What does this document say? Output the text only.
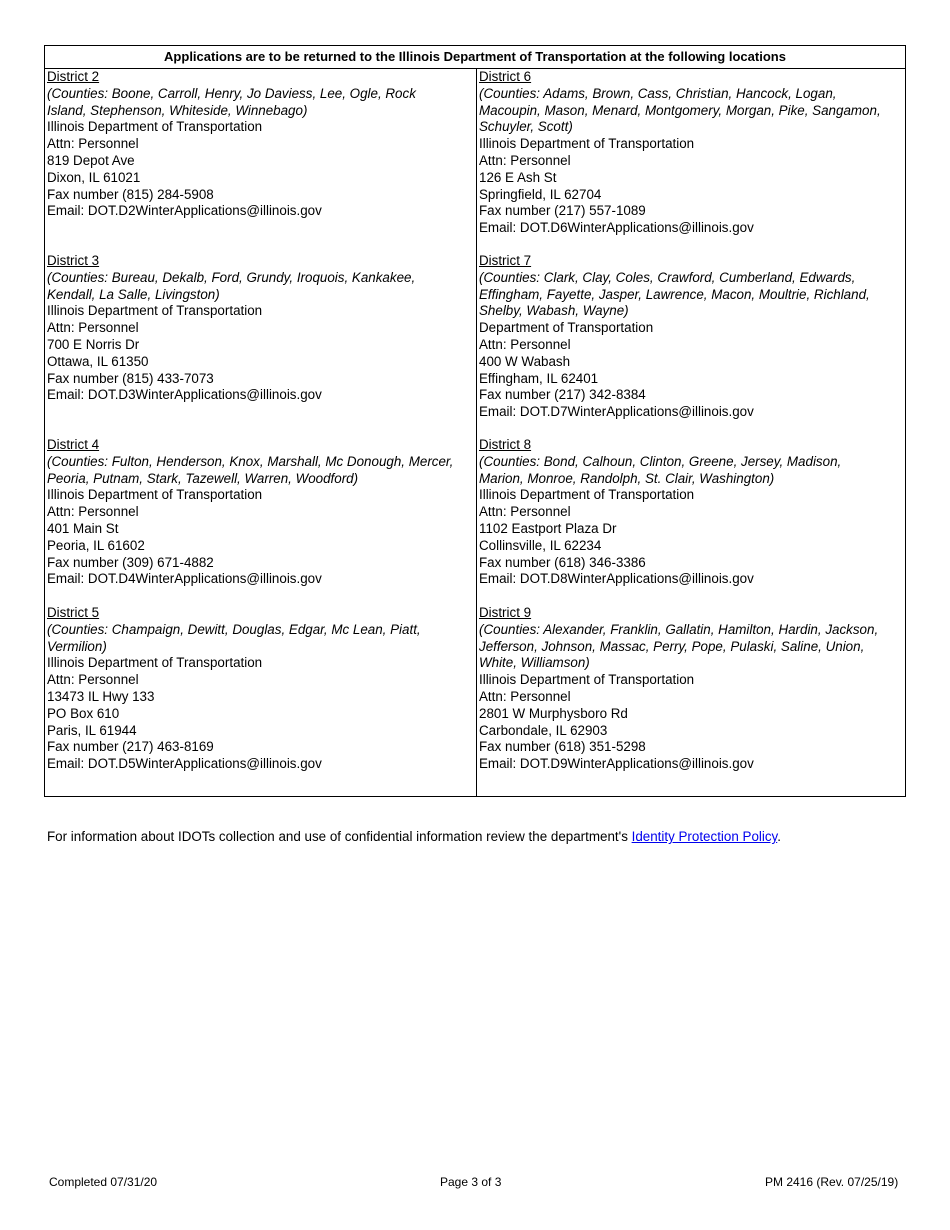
Applications are to be returned to the Illinois Department of Transportation at the following locations
District 2
(Counties: Boone, Carroll, Henry, Jo Daviess, Lee, Ogle, Rock
Island, Stephenson, Whiteside, Winnebago)
Illinois Department of Transportation
Attn: Personnel
819 Depot Ave
Dixon, IL 61021
Fax number (815) 284-5908
Email: DOT.D2WinterApplications@illinois.gov
District 3
(Counties: Bureau, Dekalb, Ford, Grundy, Iroquois, Kankakee,
Kendall, La Salle, Livingston)
Illinois Department of Transportation
Attn: Personnel
700 E Norris Dr
Ottawa, IL 61350
Fax number (815) 433-7073
Email: DOT.D3WinterApplications@illinois.gov
District 4
(Counties: Fulton, Henderson, Knox, Marshall, Mc Donough, Mercer,
Peoria, Putnam, Stark, Tazewell, Warren, Woodford)
Illinois Department of Transportation
Attn: Personnel
401 Main St
Peoria, IL 61602
Fax number (309) 671-4882
Email: DOT.D4WinterApplications@illinois.gov
District 5
(Counties: Champaign, Dewitt, Douglas, Edgar, Mc Lean, Piatt,
Vermilion)
Illinois Department of Transportation
Attn: Personnel
13473 IL Hwy 133
PO Box 610
Paris, IL 61944
Fax number (217) 463-8169
Email: DOT.D5WinterApplications@illinois.gov
District 6
(Counties: Adams, Brown, Cass, Christian, Hancock, Logan,
Macoupin, Mason, Menard, Montgomery, Morgan, Pike, Sangamon,
Schuyler, Scott)
Illinois Department of Transportation
Attn: Personnel
126 E Ash St
Springfield, IL 62704
Fax number (217) 557-1089
Email: DOT.D6WinterApplications@illinois.gov
District 7
(Counties: Clark, Clay, Coles, Crawford, Cumberland, Edwards,
Effingham, Fayette, Jasper, Lawrence, Macon, Moultrie, Richland,
Shelby, Wabash, Wayne)
Department of Transportation
Attn: Personnel
400 W Wabash
Effingham, IL 62401
Fax number (217) 342-8384
Email: DOT.D7WinterApplications@illinois.gov
District 8
(Counties: Bond, Calhoun, Clinton, Greene, Jersey, Madison,
Marion, Monroe, Randolph, St. Clair, Washington)
Illinois Department of Transportation
Attn: Personnel
1102 Eastport Plaza Dr
Collinsville, IL 62234
Fax number (618) 346-3386
Email: DOT.D8WinterApplications@illinois.gov
District 9
(Counties: Alexander, Franklin, Gallatin, Hamilton, Hardin, Jackson,
Jefferson, Johnson, Massac, Perry, Pope, Pulaski, Saline, Union,
White, Williamson)
Illinois Department of Transportation
Attn: Personnel
2801 W Murphysboro Rd
Carbondale, IL 62903
Fax number (618) 351-5298
Email: DOT.D9WinterApplications@illinois.gov
For information about IDOTs collection and use of confidential information review the department's Identity Protection Policy.
Completed 07/31/20	Page 3 of 3	PM 2416 (Rev. 07/25/19)
